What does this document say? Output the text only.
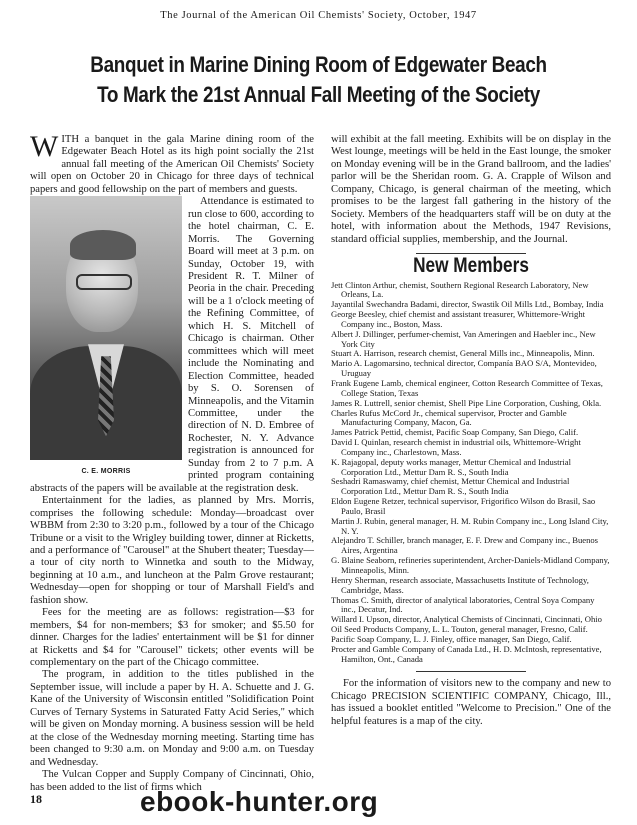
The Journal of the American Oil Chemists' Society, October, 1947
Banquet in Marine Dining Room of Edgewater Beach
To Mark the 21st Annual Fall Meeting of the Society

WITH a banquet in the gala Marine dining room of the Edgewater Beach Hotel as its high point socially the 21st annual fall meeting of the American Oil Chemists' Society will open on October 20 in Chicago for three days of technical papers and good fellowship on the part of members and guests.

C. E. MORRIS

Attendance is estimated to run close to 600, according to the hotel chairman, C. E. Morris. The Governing Board will meet at 3 p.m. on Sunday, October 19, with President R. T. Milner of Peoria in the chair. Preceding will be a 1 o'clock meeting of the Refining Committee, of which H. S. Mitchell of Chicago is chairman. Other committees which will meet include the Nominating and Election Committee, headed by S. O. Sorensen of Minneapolis, and the Vitamin Committee, under the direction of N. D. Embree of Rochester, N. Y. Advance registration is announced for Sunday from 2 to 7 p.m. A printed program containing abstracts of the papers will be available at the registration desk.

Entertainment for the ladies, as planned by Mrs. Morris, comprises the following schedule: Monday—broadcast over WBBM from 2:30 to 3:20 p.m., followed by a tour of the Chicago Tribune or a visit to the Wrigley building tower, dinner at Ricketts, and a performance of "Carousel" at the Shubert theater; Tuesday—a tour of city north to Winnetka and south to the Midway, beginning at 10 a.m., and luncheon at the Palm Grove restaurant; Wednesday—open for shopping or tour of Marshall Field's and fashion show.

Fees for the meeting are as follows: registration—$3 for members, $4 for non-members; $3 for smoker; and $5.50 for dinner. Charges for the ladies' entertainment will be $1 for dinner at Ricketts and $4 for "Carousel" tickets; other events will be complementary on the part of the Chicago committee.

The program, in addition to the titles published in the September issue, will include a paper by H. A. Schuette and J. G. Kane of the University of Wisconsin entitled "Solidification Point Curves of Ternary Systems in Saturated Fatty Acid Series," which will be given on Monday morning. A business session will be held at the close of the Wednesday morning meeting. Starting time has been changed to 9:30 a.m. on Monday and 9:00 a.m. on Tuesday and Wednesday.

The Vulcan Copper and Supply Company of Cincinnati, Ohio, has been added to the list of firms which

will exhibit at the fall meeting. Exhibits will be on display in the West lounge, meetings will be held in the East lounge, the smoker on Monday evening will be in the Grand ballroom, and the ladies' parlor will be the Sheridan room. G. A. Crapple of Wilson and Company, Chicago, is general chairman of the meeting, which promises to be the largest fall gathering in the history of the Society. Members of the headquarters staff will be on duty at the hotel, with information about the Methods, 1947 Revisions, standard official supplies, membership, and the Journal.

New Members
Jett Clinton Arthur, chemist, Southern Regional Research Laboratory, New Orleans, La.
Jayantilal Swechandra Badami, director, Swastik Oil Mills Ltd., Bombay, India
George Beesley, chief chemist and assistant treasurer, Whittemore-Wright Company inc., Boston, Mass.
Albert J. Dillinger, perfumer-chemist, Van Ameringen and Haebler inc., New York City
Stuart A. Harrison, research chemist, General Mills inc., Minneapolis, Minn.
Mario A. Lagomarsino, technical director, Companía BAO S/A, Montevideo, Uruguay
Frank Eugene Lamb, chemical engineer, Cotton Research Committee of Texas, College Station, Texas
James R. Luttrell, senior chemist, Shell Pipe Line Corporation, Cushing, Okla.
Charles Rufus McCord Jr., chemical supervisor, Procter and Gamble Manufacturing Company, Macon, Ga.
James Patrick Pettid, chemist, Pacific Soap Company, San Diego, Calif.
David I. Quinlan, research chemist in industrial oils, Whittemore-Wright Company inc., Charlestown, Mass.
K. Rajagopal, deputy works manager, Mettur Chemical and Industrial Corporation Ltd., Mettur Dam R. S., South India
Seshadri Ramaswamy, chief chemist, Mettur Chemical and Industrial Corporation Ltd., Mettur Dam R. S., South India
Eldon Eugene Retzer, technical supervisor, Frigorifico Wilson do Brasil, Sao Paulo, Brasil
Martin J. Rubin, general manager, H. M. Rubin Company inc., Long Island City, N. Y.
Alejandro T. Schiller, branch manager, E. F. Drew and Company inc., Buenos Aires, Argentina
G. Blaine Seaborn, refineries superintendent, Archer-Daniels-Midland Company, Minneapolis, Minn.
Henry Sherman, research associate, Massachusetts Institute of Technology, Cambridge, Mass.
Thomas C. Smith, director of analytical laboratories, Central Soya Company inc., Decatur, Ind.
Willard I. Upson, director, Analytical Chemists of Cincinnati, Cincinnati, Ohio
Oil Seed Products Company, L. L. Touton, general manager, Fresno, Calif.
Pacific Soap Company, L. J. Finley, office manager, San Diego, Calif.
Procter and Gamble Company of Canada Ltd., H. D. McIntosh, representative, Hamilton, Ont., Canada

For the information of visitors new to the company and new to Chicago PRECISION SCIENTIFIC COMPANY, Chicago, Ill., has issued a booklet entitled "Welcome to Precision." One of the helpful features is a map of the city.

18	ebook-hunter.org
